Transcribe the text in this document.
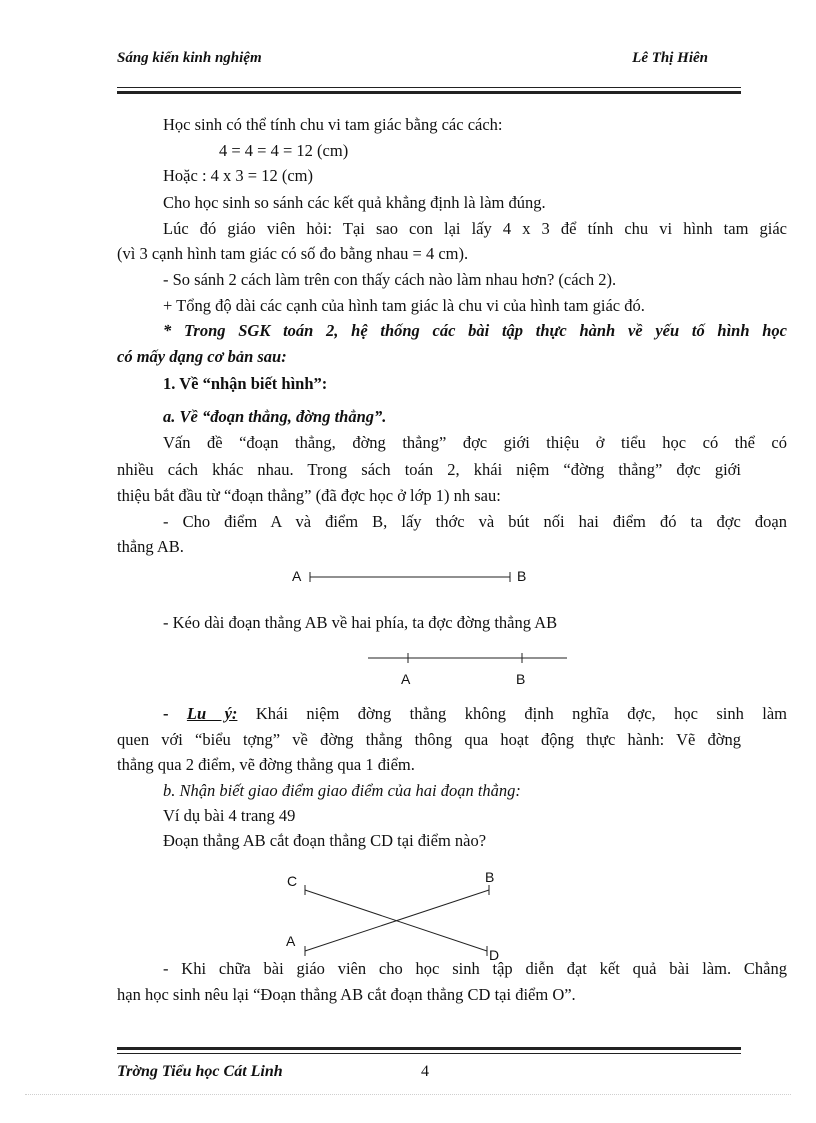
Sáng kiến kinh nghiệm	Lê Thị Hiên
Học sinh có thể tính chu vi tam giác bằng các cách:
4 = 4 = 4 = 12 (cm)
Hoặc : 4 x 3 = 12 (cm)
Cho học sinh so sánh các kết quả khẳng định là làm đúng.
Lúc đó giáo viên hỏi: Tại sao con lại lấy 4 x 3 để tính chu vi hình tam giác
(vì 3 cạnh hình tam giác có số đo bằng nhau = 4 cm).
- So sánh 2 cách làm trên con thấy cách nào làm nhau hơn? (cách 2).
+ Tổng độ dài các cạnh của hình tam giác là chu vi của hình tam giác đó.
* Trong SGK toán 2, hệ thống các bài tập thực hành về yếu tố hình học
có mấy dạng cơ bản sau:
1. Về “nhận biết hình”:
a. Về “đoạn thẳng, đờng thẳng”.
Vấn đề “đoạn thẳng, đờng thẳng” đợc giới thiệu ở tiểu học có thể có
nhiều cách khác nhau. Trong sách toán 2, khái niệm “đờng thẳng” đợc giới
thiệu bắt đầu từ “đoạn thẳng” (đã đợc học ở lớp 1) nh sau:
- Cho điểm A và điểm B, lấy thớc và bút nối hai điểm đó ta đợc đoạn
thẳng AB.
A	B
A	B
C	B
A
D
- Kéo dài đoạn thẳng AB về hai phía, ta đợc đờng thẳng AB
- Lu ý: Khái niệm đờng thẳng không định nghĩa đợc, học sinh làm
quen với “biểu tợng” về đờng thẳng thông qua hoạt động thực hành: Vẽ đờng
thẳng qua 2 điểm, vẽ đờng thẳng qua 1 điểm.
b. Nhận biết giao điểm giao điểm của hai đoạn thẳng:
Ví dụ bài 4 trang 49
Đoạn thẳng AB cắt đoạn thẳng CD tại điểm nào?
- Khi chữa bài giáo viên cho học sinh tập diễn đạt kết quả bài làm. Chẳng
hạn học sinh nêu lại “Đoạn thẳng AB cắt đoạn thẳng CD tại điểm O”.
Trờng Tiểu học Cát Linh	4
